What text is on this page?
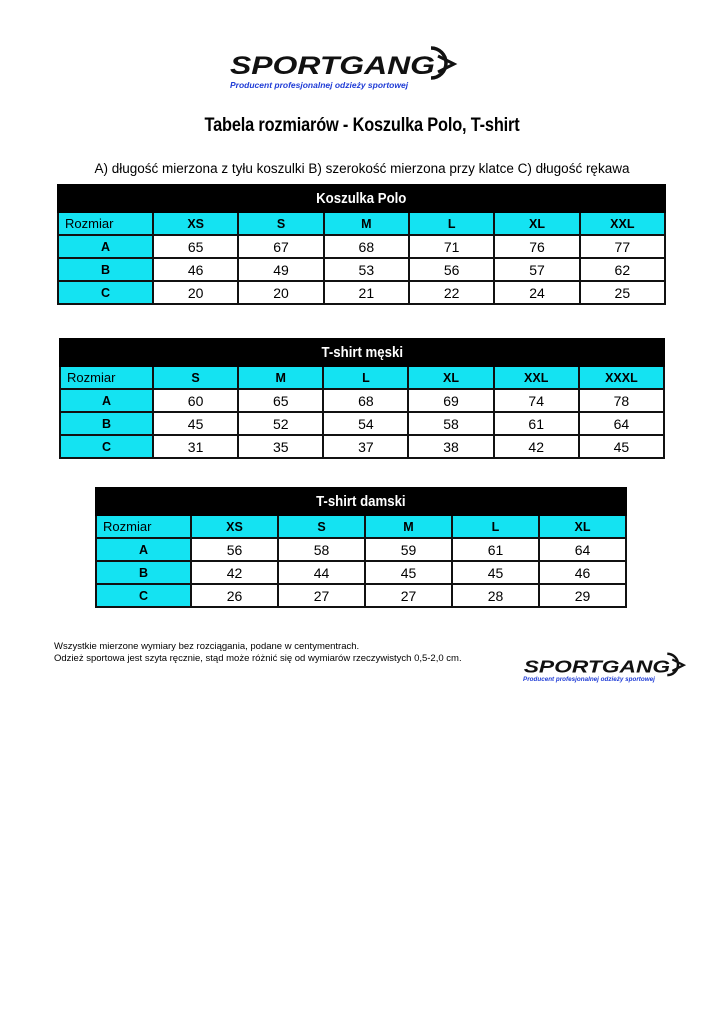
SPORTGANG
Producent profesjonalnej odzieży sportowej
Tabela rozmiarów - Koszulka Polo, T-shirt
A) długość mierzona z tyłu koszulki B) szerokość mierzona przy klatce C) długość rękawa
Koszulka Polo						
Rozmiar	XS	S	M	L	XL	XXL
A	65	67	68	71	76	77
B	46	49	53	56	57	62
C	20	20	21	22	24	25
T-shirt męski						
Rozmiar	S	M	L	XL	XXL	XXXL
A	60	65	68	69	74	78
B	45	52	54	58	61	64
C	31	35	37	38	42	45
T-shirt damski					
Rozmiar	XS	S	M	L	XL
A	56	58	59	61	64
B	42	44	45	45	46
C	26	27	27	28	29
Wszystkie mierzone wymiary bez rozciągania, podane w centymentrach.
Odzież sportowa jest szyta ręcznie, stąd może różnić się od wymiarów rzeczywistych 0,5-2,0 cm. SPORTGANG
Producent profesjonalnej odzieży sportowej
